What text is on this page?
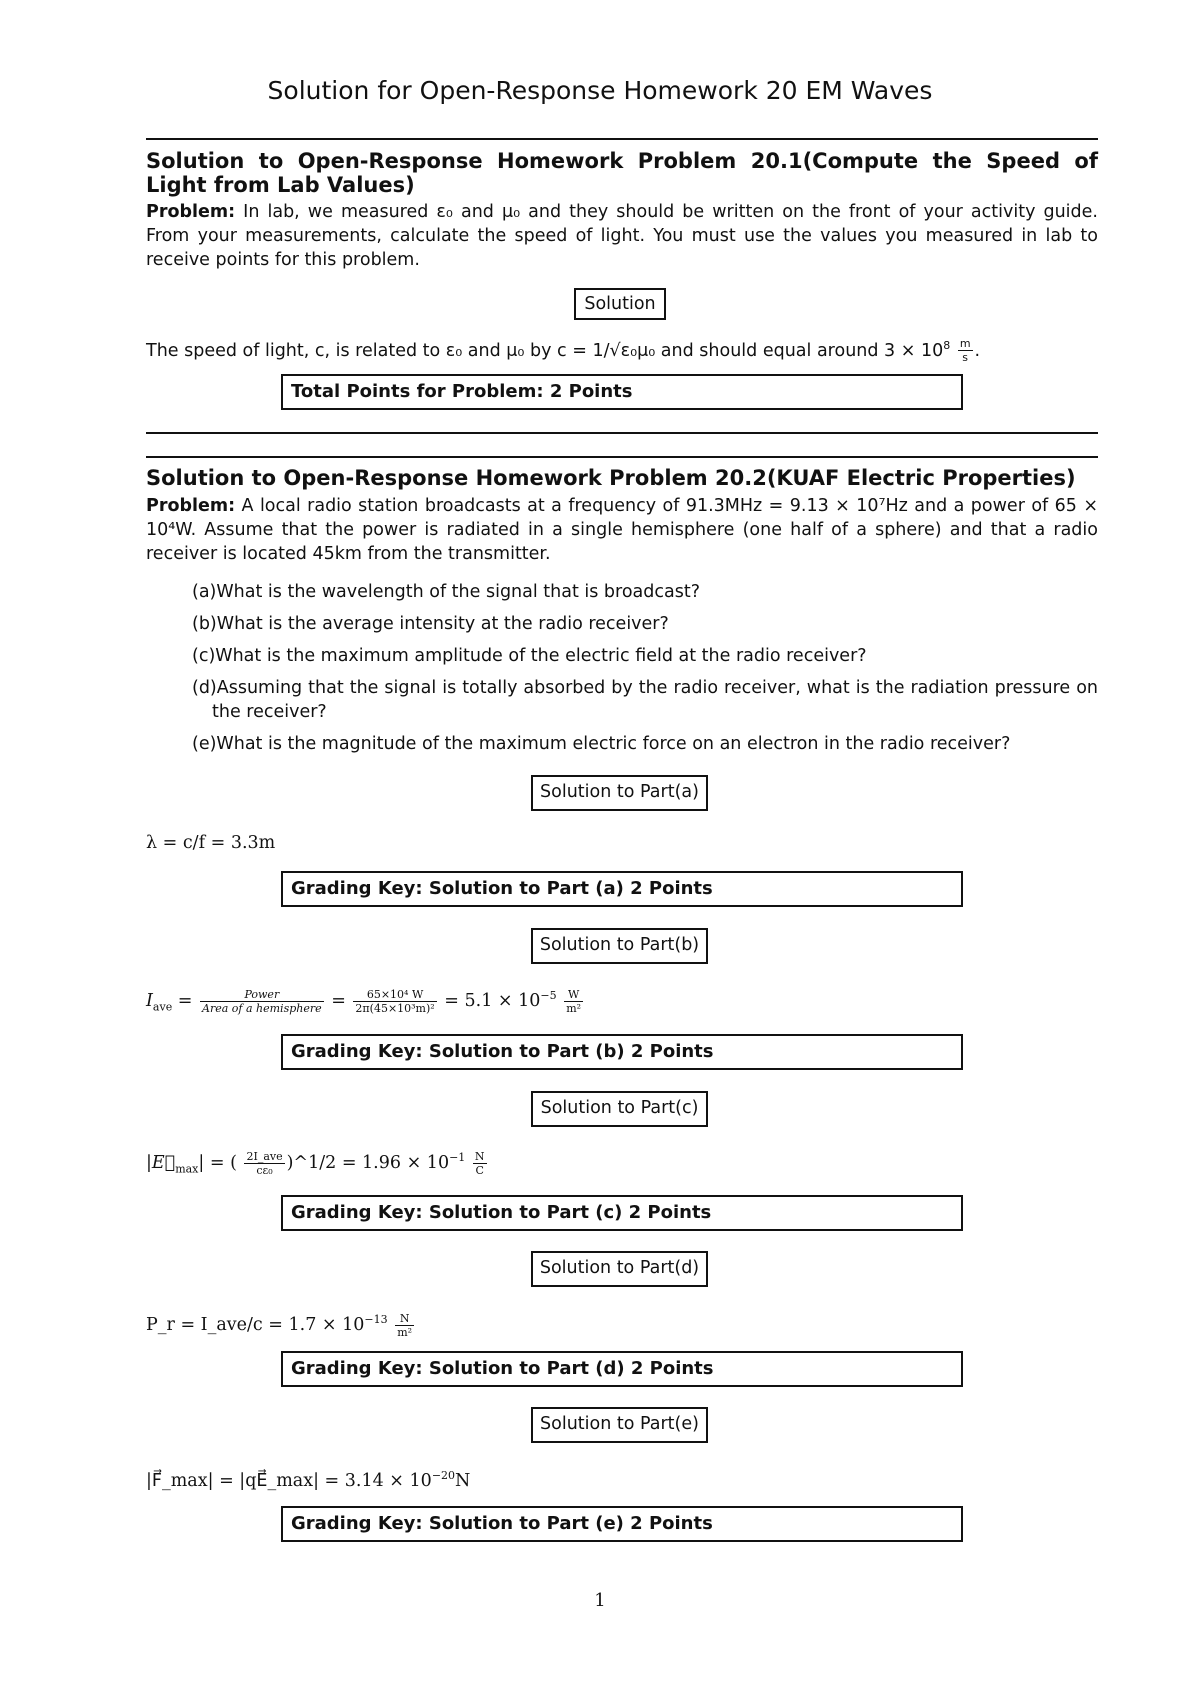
Solution for Open-Response Homework 20 EM Waves
Solution to Open-Response Homework Problem 20.1(Compute the Speed of Light from Lab Values)
Problem: In lab, we measured ε₀ and μ₀ and they should be written on the front of your activity guide. From your measurements, calculate the speed of light. You must use the values you measured in lab to receive points for this problem.
Solution
The speed of light, c, is related to ε₀ and μ₀ by c = 1/√ε₀μ₀ and should equal around $3 \times 10^8 \frac{m}{s}$ .
Total Points for Problem: 2 Points
Solution to Open-Response Homework Problem 20.2(KUAF Electric Properties)
Problem: A local radio station broadcasts at a frequency of 91.3MHz = 9.13 × 10⁷Hz and a power of 65 × 10⁴W. Assume that the power is radiated in a single hemisphere (one half of a sphere) and that a radio receiver is located 45km from the transmitter.
(a)What is the wavelength of the signal that is broadcast?
(b)What is the average intensity at the radio receiver?
(c)What is the maximum amplitude of the electric field at the radio receiver?
(d)Assuming that the signal is totally absorbed by the radio receiver, what is the radiation pressure on the receiver?
(e)What is the magnitude of the maximum electric force on an electron in the radio receiver?
Solution to Part(a)
λ = c/f = 3.3m
Grading Key: Solution to Part (a) 2 Points
Solution to Part(b)
$I_{ave} = \frac{\text{Power}}{\text{Area of a hemisphere}} = \frac{\text{65×10⁴ W}}{\text{2π(45×10³m)²}} = 5.1 \times 10^{-5} \frac{W}{\text{m²}}$
Grading Key: Solution to Part (b) 2 Points
Solution to Part(c)
$|E⃗_{max}|$ = ( $\frac{\text{2I\_ave}}{\text{cε₀}}$ )^1/2 = $1.96 \times 10^{-1} \frac{N}{C}$
Grading Key: Solution to Part (c) 2 Points
Solution to Part(d)
P_r = I_ave/c = $1.7 \times 10^{-13} \frac{N}{\text{m²}}$
Grading Key: Solution to Part (d) 2 Points
Solution to Part(e)
|F⃗_max| = |qE⃗_max| = $3.14 \times 10^{-20}N$
Grading Key: Solution to Part (e) 2 Points
1
